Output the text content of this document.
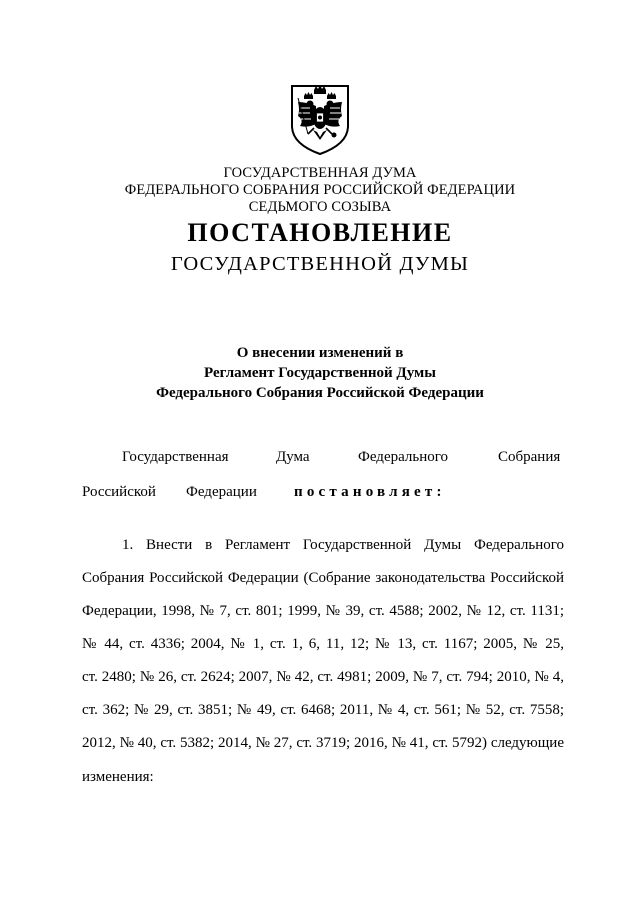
ГОСУДАРСТВЕННАЯ ДУМА
ФЕДЕРАЛЬНОГО СОБРАНИЯ РОССИЙСКОЙ ФЕДЕРАЦИИ
СЕДЬМОГО СОЗЫВА
ПОСТАНОВЛЕНИЕ
ГОСУДАРСТВЕННОЙ ДУМЫ
О внесении изменений в
Регламент Государственной Думы
Федерального Собрания Российской Федерации
Государственная	Дума	Федерального	Собрания
Российской Федерации постановляет:
1. Внести в Регламент Государственной Думы Федерального
Собрания Российской Федерации (Собрание законодательства Российской
Федерации, 1998, № 7, ст. 801; 1999, № 39, ст. 4588; 2002, № 12, ст. 1131;
№ 44, ст. 4336; 2004, № 1, ст. 1, 6, 11, 12; № 13, ст. 1167; 2005, № 25,
ст. 2480; № 26, ст. 2624; 2007, № 42, ст. 4981; 2009, № 7, ст. 794; 2010, № 4,
ст. 362; № 29, ст. 3851; № 49, ст. 6468; 2011, № 4, ст. 561; № 52, ст. 7558;
2012, № 40, ст. 5382; 2014, № 27, ст. 3719; 2016, № 41, ст. 5792) следующие
изменения:
